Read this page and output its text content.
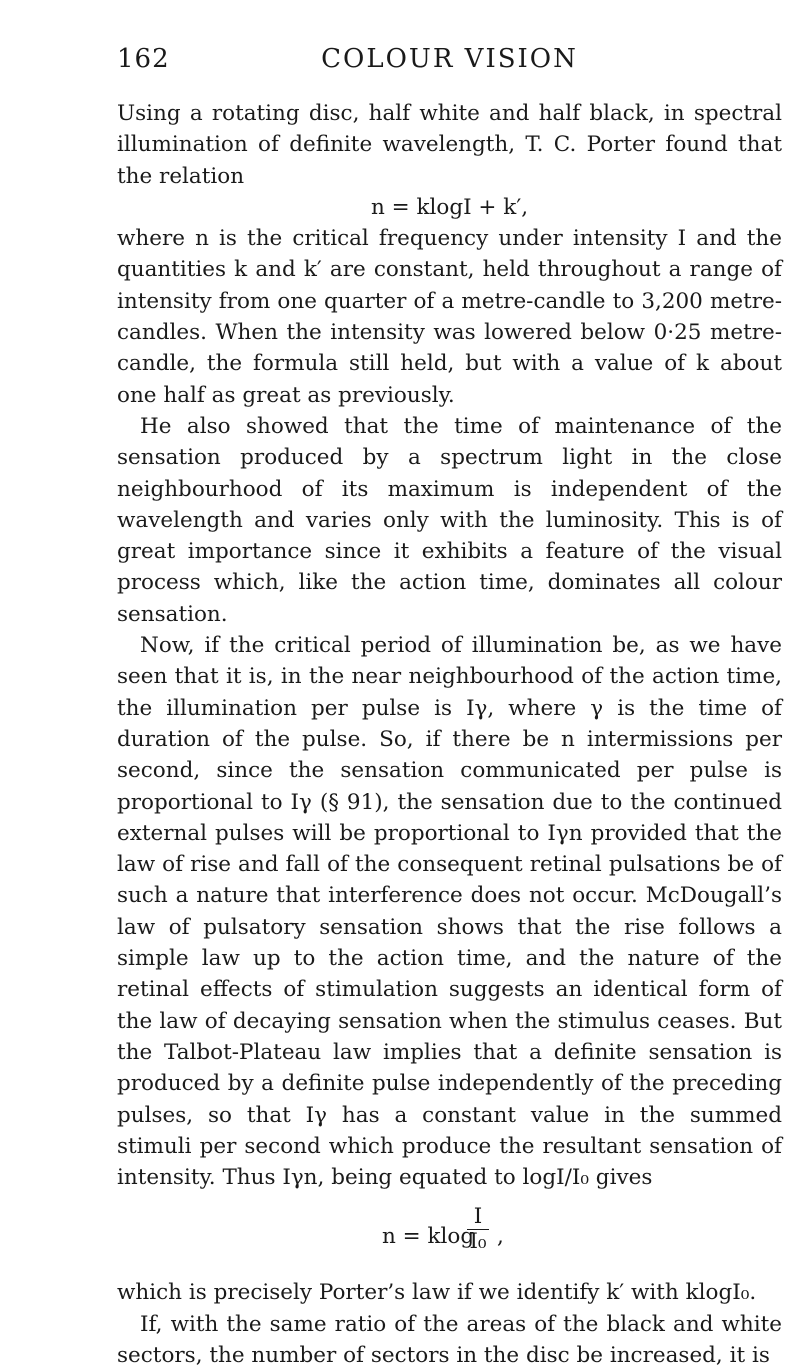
162	COLOUR VISION

Using a rotating disc, half white and half black, in spectral illumination of definite wavelength, T. C. Porter found that the relation

n = klogI + k′,

where n is the critical frequency under intensity I and the quantities k and k′ are constant, held throughout a range of intensity from one quarter of a metre-candle to 3,200 metre-candles. When the intensity was lowered below 0·25 metre-candle, the formula still held, but with a value of k about one half as great as previously.

He also showed that the time of maintenance of the sensation produced by a spectrum light in the close neighbourhood of its maximum is independent of the wavelength and varies only with the luminosity. This is of great importance since it exhibits a feature of the visual process which, like the action time, dominates all colour sensation.

Now, if the critical period of illumination be, as we have seen that it is, in the near neighbourhood of the action time, the illumination per pulse is Iγ, where γ is the time of duration of the pulse. So, if there be n intermissions per second, since the sensation communicated per pulse is proportional to Iγ (§ 91), the sensation due to the continued external pulses will be proportional to Iγn provided that the law of rise and fall of the consequent retinal pulsations be of such a nature that interference does not occur. McDougall’s law of pulsatory sensation shows that the rise follows a simple law up to the action time, and the nature of the retinal effects of stimulation suggests an identical form of the law of decaying sensation when the stimulus ceases. But the Talbot-Plateau law implies that a definite sensation is produced by a definite pulse independently of the preceding pulses, so that Iγ has a constant value in the summed stimuli per second which produce the resultant sensation of intensity. Thus Iγn, being equated to logI/I₀ gives

n = klog
I
I₀ ,

which is precisely Porter’s law if we identify k′ with klogI₀.

If, with the same ratio of the areas of the black and white sectors, the number of sectors in the disc be increased, it is
